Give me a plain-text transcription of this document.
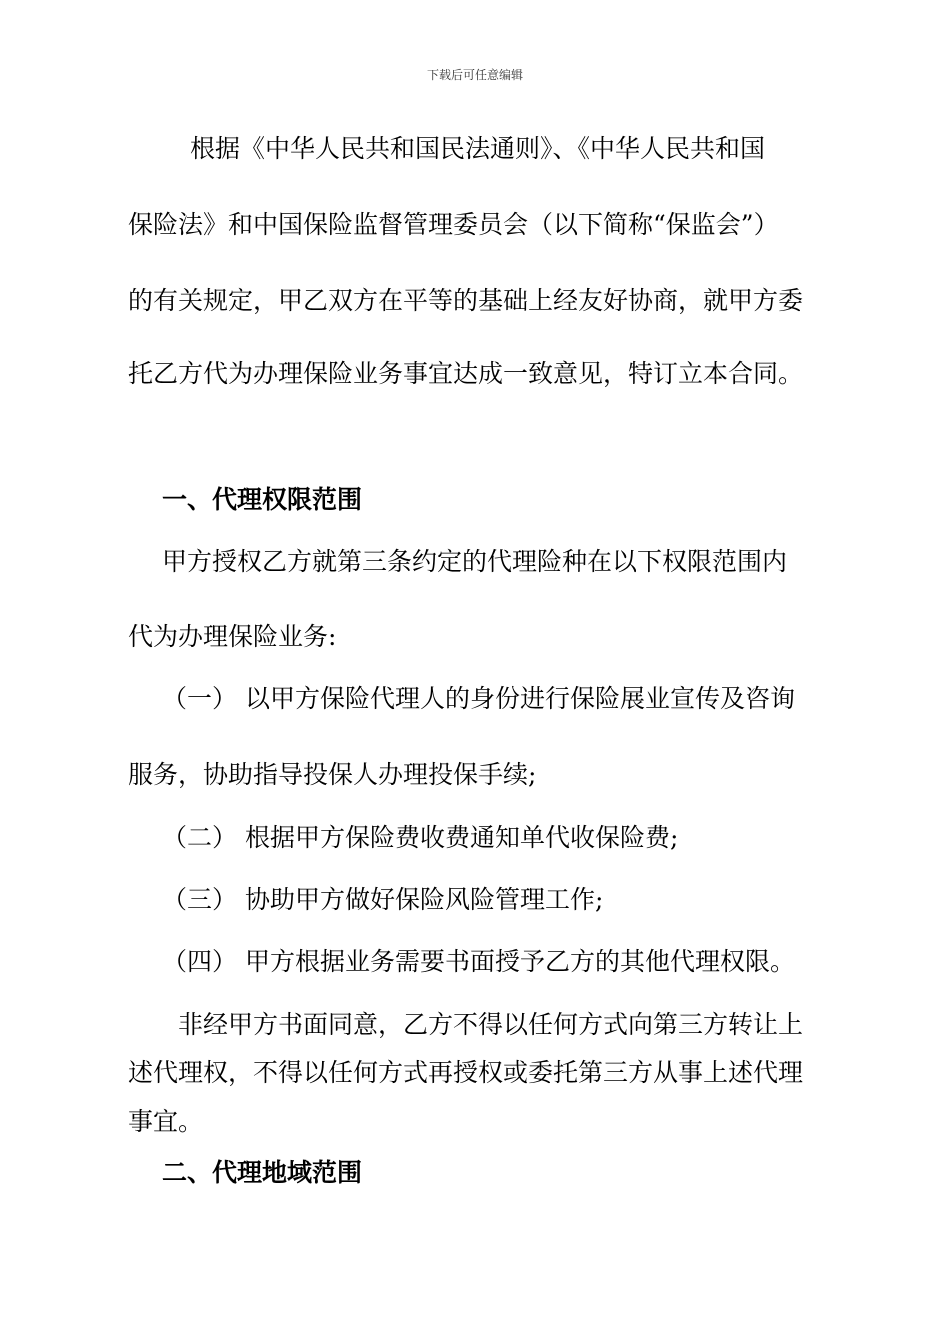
下载后可任意编辑
根据《中华人民共和国民法通则》、《中华人民共和国
保险法》和中国保险监督管理委员会（以下简称“保监会”）
的有关规定，甲乙双方在平等的基础上经友好协商，就甲方委
托乙方代为办理保险业务事宜达成一致意见，特订立本合同。
一、代理权限范围
甲方授权乙方就第三条约定的代理险种在以下权限范围内
代为办理保险业务:
（一） 以甲方保险代理人的身份进行保险展业宣传及咨询
服务，协助指导投保人办理投保手续;
（二） 根据甲方保险费收费通知单代收保险费;
（三） 协助甲方做好保险风险管理工作;
（四） 甲方根据业务需要书面授予乙方的其他代理权限。
非经甲方书面同意，乙方不得以任何方式向第三方转让上
述代理权，不得以任何方式再授权或委托第三方从事上述代理
事宜。
二、代理地域范围
